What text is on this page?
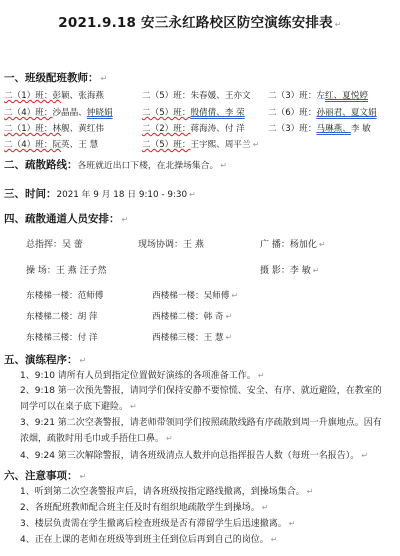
2021.9.18 安三永红路校区防空演练安排表 ↵
一、班级配班教师： ↵
二（1）班：彭颖、张海燕	二（5）班：朱春媛、王亦文 二（3）班：左红、夏悦婷
二（4）班：沙晶晶、钟晓娟	二（5）班：殷倩倩、李 荣	二（6）班：孙丽君、夏文娟
二（1）班：林舰、黄红伟	二（2）班：蒋海涛、付 洋	二（3）班：马琳燕、李 敏
二（4）班：阮英、王 慧	二（5）班：王宇熙、周平兰 ↵
二、疏散路线：各班就近出口下楼，在北操场集合。 ↵
三、时间：2021 年 9 月 18 日 9:10 - 9:30 ↵
四、疏散通道人员安排： ↵
总指挥：吴 蕾	现场协调：王 燕	广 播：杨加化 ↵
操 场：王 燕 汪子然	摄 影：李 敏 ↵
东楼梯一楼：范师傅	西楼梯一楼：吴师傅 ↵
东楼梯二楼：胡 萍	西楼梯二楼：韩 奇 ↵
东楼梯三楼：付 洋	西楼梯三楼：王 慧 ↵
五、演练程序： ↵
1、9:10 请所有人员到指定位置做好演练的各项准备工作。 ↵
2、9:18 第一次预先警报，请同学们保持安静不要惊慌、安全、有序、就近避险，在教室的同学可以在桌子底下避险。 ↵
3、9:21 第二次空袭警报，请老师带领同学们按照疏散线路有序疏散到周一升旗地点。因有浓烟，疏散时用毛巾或手捂住口鼻。 ↵
4、9:24 第三次解除警报，请各班级清点人数并向总指挥报告人数（每班一名报告）。 ↵
六、注意事项： ↵
1、听到第二次空袭警报声后，请各班级按指定路线撤离，到操场集合。 ↵
2、各班配班教师配合班主任及时有组织地疏散学生到操场。 ↵
3、楼层负责需在学生撤离后检查班级是否有滞留学生后迅速撤离。 ↵
4、正在上课的老师在班级等到班主任到位后再到自己的岗位。 ↵
